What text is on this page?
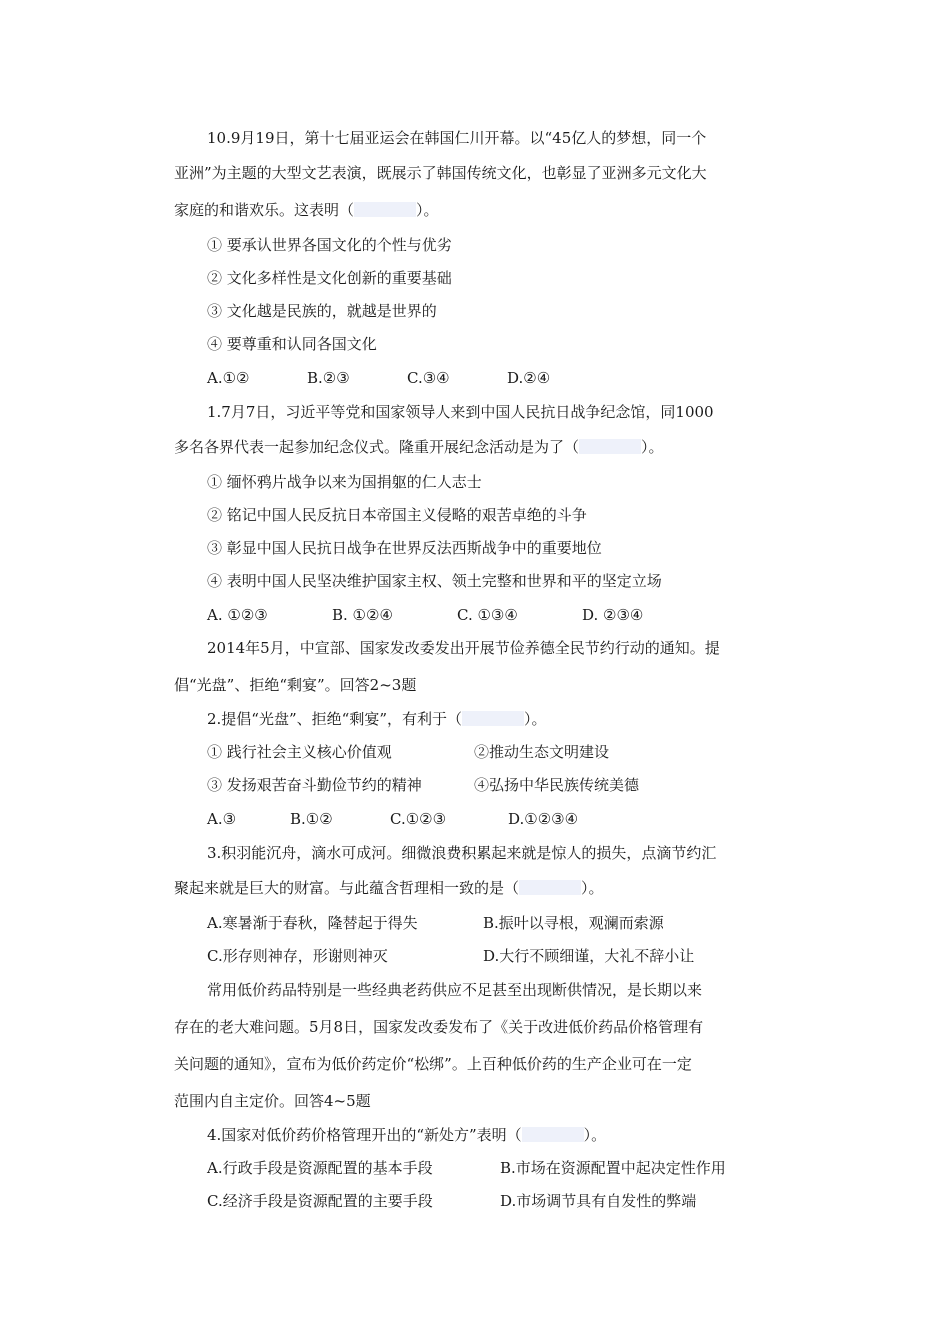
10.9月19日，第十七届亚运会在韩国仁川开幕。以“45亿人的梦想，同一个
亚洲”为主题的大型文艺表演，既展示了韩国传统文化，也彰显了亚洲多元文化大
家庭的和谐欢乐。这表明（	）。
① 要承认世界各国文化的个性与优劣
② 文化多样性是文化创新的重要基础
③ 文化越是民族的，就越是世界的
④ 要尊重和认同各国文化
A.①②	B.②③	C.③④	D.②④
1.7月7日，习近平等党和国家领导人来到中国人民抗日战争纪念馆，同1000
多名各界代表一起参加纪念仪式。隆重开展纪念活动是为了（	）。
① 缅怀鸦片战争以来为国捐躯的仁人志士
② 铭记中国人民反抗日本帝国主义侵略的艰苦卓绝的斗争
③ 彰显中国人民抗日战争在世界反法西斯战争中的重要地位
④ 表明中国人民坚决维护国家主权、领土完整和世界和平的坚定立场
A. ①②③	B. ①②④	C. ①③④	D. ②③④
2014年5月，中宣部、国家发改委发出开展节俭养德全民节约行动的通知。提
倡“光盘”、拒绝“剩宴”。回答2~3题
2.提倡“光盘”、拒绝“剩宴”，有利于（	）。
① 践行社会主义核心价值观	②推动生态文明建设
③ 发扬艰苦奋斗勤俭节约的精神	④弘扬中华民族传统美德
A.③	B.①②	C.①②③	D.①②③④
3.积羽能沉舟，滴水可成河。细微浪费积累起来就是惊人的损失，点滴节约汇
聚起来就是巨大的财富。与此蕴含哲理相一致的是（	）。
A.寒暑渐于春秋，隆替起于得失	B.振叶以寻根，观澜而索源
C.形存则神存，形谢则神灭	D.大行不顾细谨，大礼不辞小让
常用低价药品特别是一些经典老药供应不足甚至出现断供情况，是长期以来
存在的老大难问题。5月8日，国家发改委发布了《关于改进低价药品价格管理有
关问题的通知》，宣布为低价药定价“松绑”。上百种低价药的生产企业可在一定
范围内自主定价。回答4~5题
4.国家对低价药价格管理开出的“新处方”表明（	）。
A.行政手段是资源配置的基本手段	B.市场在资源配置中起决定性作用
C.经济手段是资源配置的主要手段	D.市场调节具有自发性的弊端
